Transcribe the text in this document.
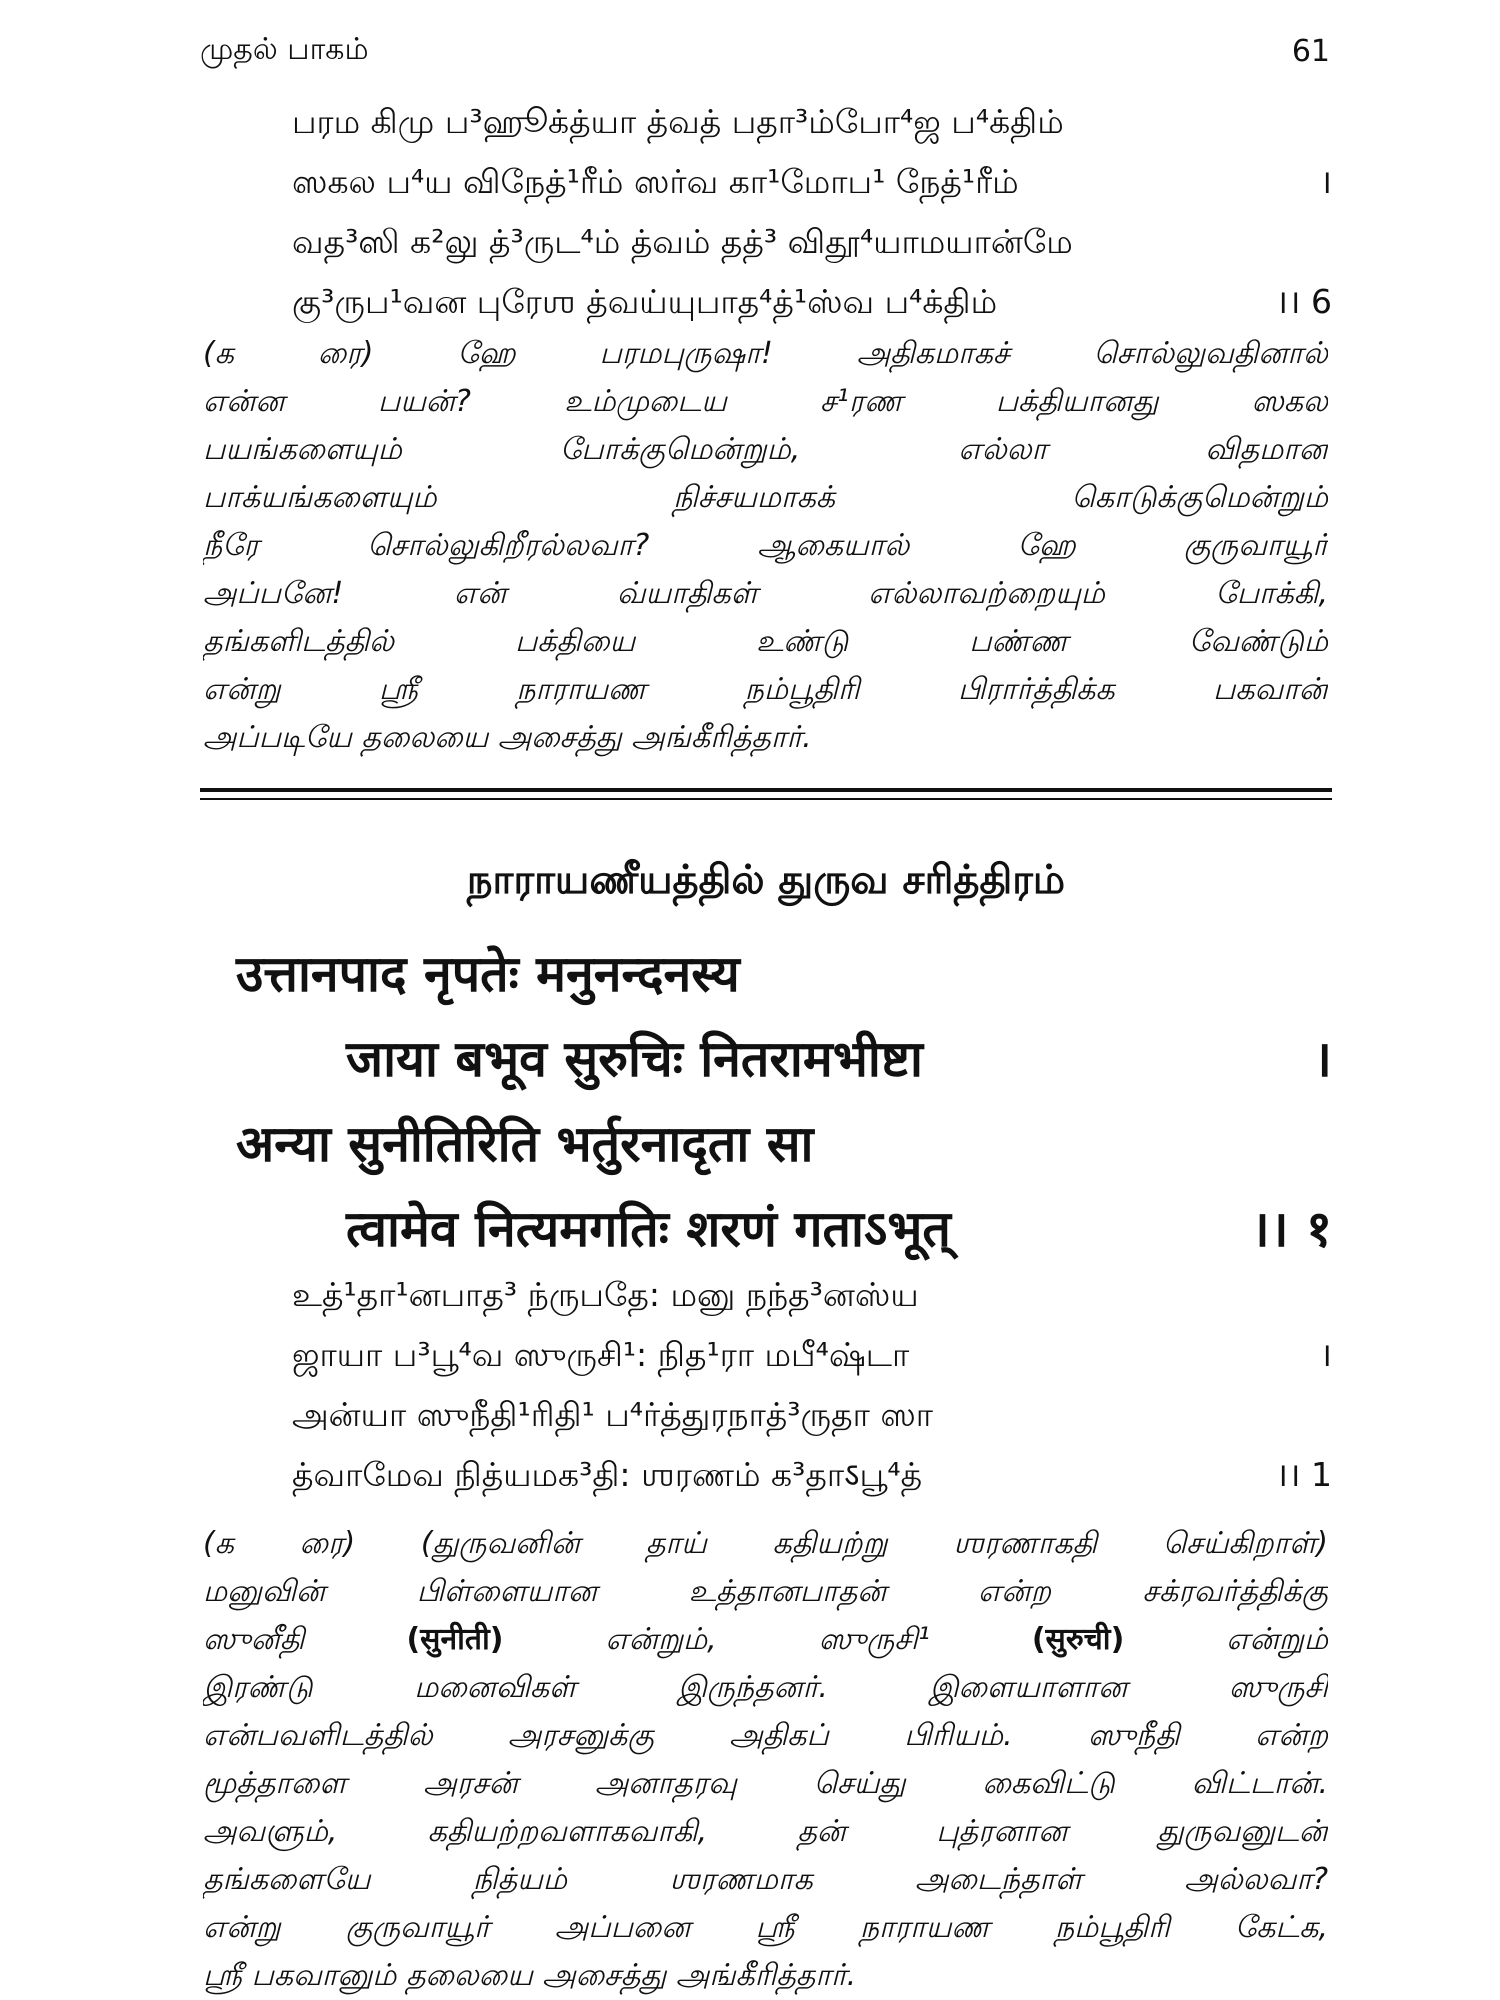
முதல் பாகம்	61
பரம கிமு ப³ஹூக்த்யா த்வத் பதா³ம்போ⁴ஜ ப⁴க்திம்
ஸகல ப⁴ய விநேத்¹ரீம் ஸர்வ கா¹மோப¹ நேத்¹ரீம்	।
வத³ஸி க²லு த்³ருட⁴ம் த்வம் தத்³ விதூ⁴யாமயான்மே
கு³ருப¹வன புரேஶ த்வய்யுபாத⁴த்¹ஸ்வ ப⁴க்திம்	।। 6
(க ரை) ஹே பரமபுருஷா! அதிகமாகச் சொல்லுவதினால்
என்ன பயன்? உம்முடைய ச¹ரண பக்தியானது ஸகல
பயங்களையும் போக்குமென்றும், எல்லா விதமான
பாக்யங்களையும் நிச்சயமாகக் கொடுக்குமென்றும்
நீரே சொல்லுகிறீரல்லவா? ஆகையால் ஹே குருவாயூர்
அப்பனே! என் வ்யாதிகள் எல்லாவற்றையும் போக்கி,
தங்களிடத்தில் பக்தியை உண்டு பண்ண வேண்டும்
என்று ஸ்ரீ நாராயண நம்பூதிரி பிரார்த்திக்க பகவான்
அப்படியே தலையை அசைத்து அங்கீரித்தார்.
நாராயணீயத்தில் துருவ சரித்திரம்
उत्तानपाद नृपतेः मनुनन्दनस्य
जाया बभूव सुरुचिः नितरामभीष्टा	।
अन्या सुनीतिरिति भर्तुरनादृता सा
त्वामेव नित्यमगतिः शरणं गताऽभूत्	।। १
உத்¹தா¹னபாத³ ந்ருபதே: மனு நந்த³னஸ்ய
ஜாயா ப³பூ⁴வ ஸுருசி¹: நித¹ரா மபீ⁴ஷ்டா	।
அன்யா ஸுநீதி¹ரிதி¹ ப⁴ர்த்துரநாத்³ருதா ஸா
த்வாமேவ நித்யமக³தி: ஶரணம் க³தாऽபூ⁴த்	।। 1
(க ரை) (துருவனின் தாய் கதியற்று ஶரணாகதி செய்கிறாள்)
மனுவின் பிள்ளையான உத்தானபாதன் என்ற சக்ரவர்த்திக்கு
ஸுனீதி	(सुनीती)	என்றும்,	ஸுருசி¹	(सुरुची)	என்றும்
இரண்டு மனைவிகள் இருந்தனர். இளையாளான ஸுருசி
என்பவளிடத்தில் அரசனுக்கு அதிகப் பிரியம். ஸுநீதி என்ற
மூத்தாளை அரசன் அனாதரவு செய்து கைவிட்டு விட்டான்.
அவளும், கதியற்றவளாகவாகி, தன் புத்ரனான துருவனுடன்
தங்களையே நித்யம் ஶரணமாக அடைந்தாள் அல்லவா?
என்று குருவாயூர் அப்பனை ஸ்ரீ நாராயண நம்பூதிரி கேட்க,
ஸ்ரீ பகவானும் தலையை அசைத்து அங்கீரித்தார்.
